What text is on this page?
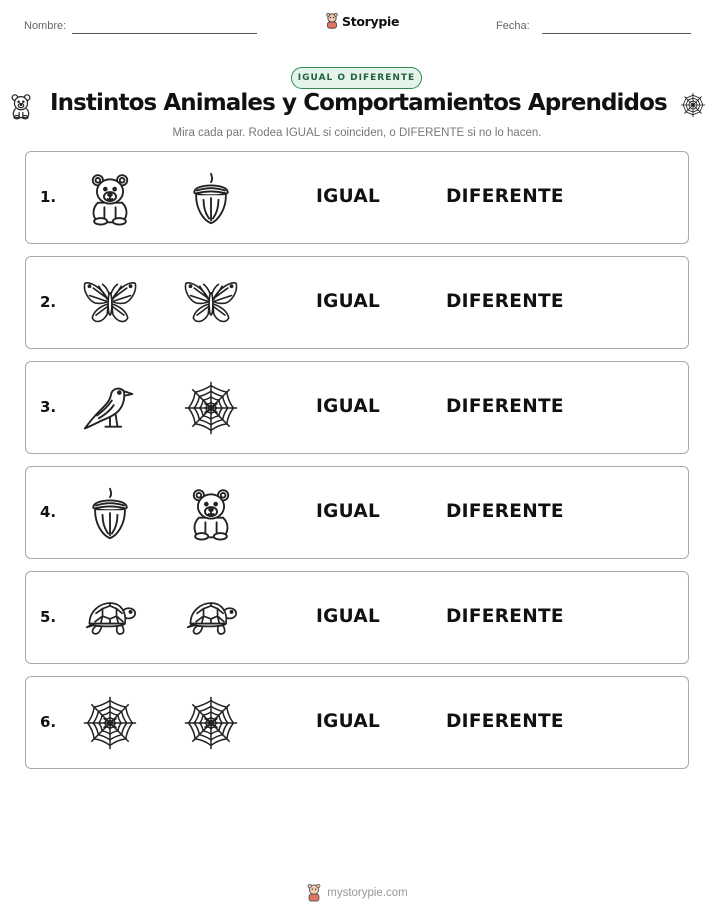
Nombre:	Storypie	Fecha:
IGUAL O DIFERENTE
Instintos Animales y Comportamientos Aprendidos
Mira cada par. Rodea IGUAL si coinciden, o DIFERENTE si no lo hacen.
1.	IGUAL	DIFERENTE
2.	IGUAL	DIFERENTE
3.	IGUAL	DIFERENTE
4.	IGUAL	DIFERENTE
5.	IGUAL	DIFERENTE
6.	IGUAL	DIFERENTE
mystorypie.com
